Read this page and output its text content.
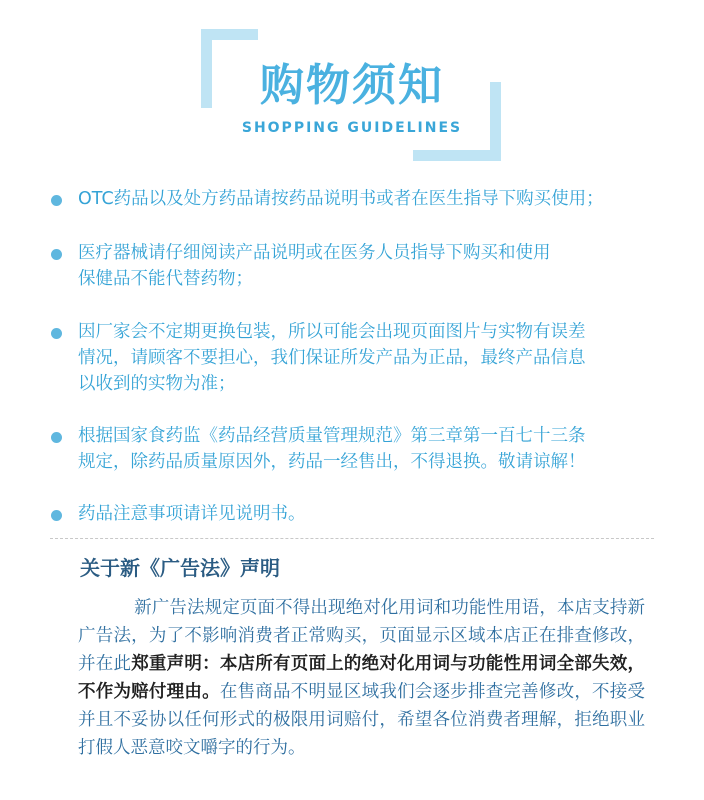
购物须知
SHOPPING GUIDELINES
OTC药品以及处方药品请按药品说明书或者在医生指导下购买使用；
医疗器械请仔细阅读产品说明或在医务人员指导下购买和使用
保健品不能代替药物；
因厂家会不定期更换包装，所以可能会出现页面图片与实物有误差
情况，请顾客不要担心，我们保证所发产品为正品，最终产品信息
以收到的实物为准；
根据国家食药监《药品经营质量管理规范》第三章第一百七十三条
规定，除药品质量原因外，药品一经售出，不得退换。敬请谅解！
药品注意事项请详见说明书。
关于新《广告法》声明
新广告法规定页面不得出现绝对化用词和功能性用语，本店支持新广告法，为了不影响消费者正常购买，页面显示区域本店正在排查修改，并在此郑重声明：本店所有页面上的绝对化用词与功能性用词全部失效，不作为赔付理由。在售商品不明显区域我们会逐步排查完善修改，不接受并且不妥协以任何形式的极限用词赔付，希望各位消费者理解，拒绝职业打假人恶意咬文嚼字的行为。
